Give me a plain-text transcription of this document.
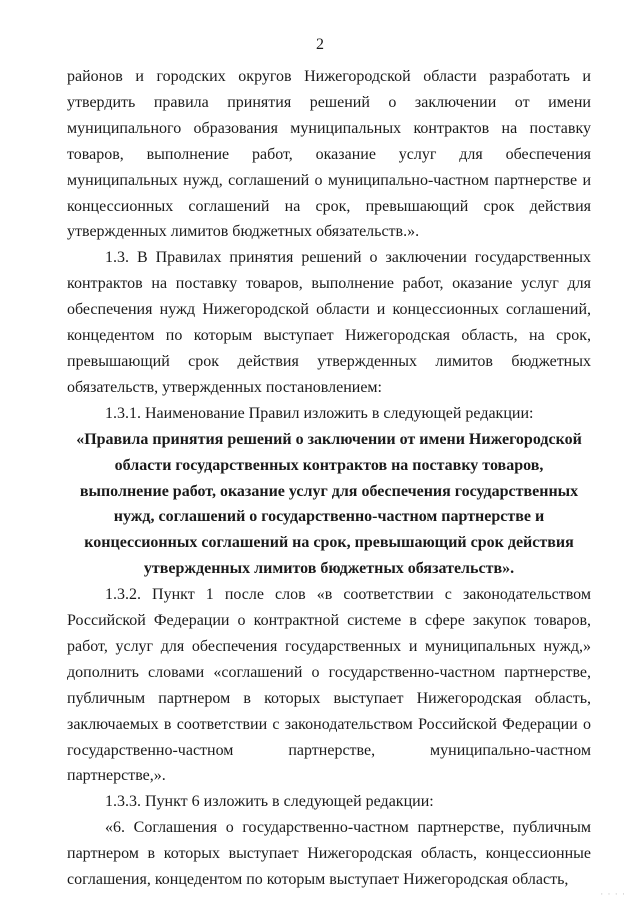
2

районов и городских округов Нижегородской области разработать и утвердить правила принятия решений о заключении от имени муниципального образования муниципальных контрактов на поставку товаров, выполнение работ, оказание услуг для обеспечения муниципальных нужд, соглашений о муниципально-частном партнерстве и концессионных соглашений на срок, превышающий срок действия утвержденных лимитов бюджетных обязательств.».

1.3. В Правилах принятия решений о заключении государственных контрактов на поставку товаров, выполнение работ, оказание услуг для обеспечения нужд Нижегородской области и концессионных соглашений, концедентом по которым выступает Нижегородская область, на срок, превышающий срок действия утвержденных лимитов бюджетных обязательств, утвержденных постановлением:

1.3.1. Наименование Правил изложить в следующей редакции:

«Правила принятия решений о заключении от имени Нижегородской области государственных контрактов на поставку товаров, выполнение работ, оказание услуг для обеспечения государственных нужд, соглашений о государственно-частном партнерстве и концессионных соглашений на срок, превышающий срок действия утвержденных лимитов бюджетных обязательств».

1.3.2. Пункт 1 после слов «в соответствии с законодательством Российской Федерации о контрактной системе в сфере закупок товаров, работ, услуг для обеспечения государственных и муниципальных нужд,» дополнить словами «соглашений о государственно-частном партнерстве, публичным партнером в которых выступает Нижегородская область, заключаемых в соответствии с законодательством Российской Федерации о государственно-частном партнерстве, муниципально-частном партнерстве,».

1.3.3. Пункт 6 изложить в следующей редакции:

«6. Соглашения о государственно-частном партнерстве, публичным партнером в которых выступает Нижегородская область, концессионные соглашения, концедентом по которым выступает Нижегородская область,

· · · ·
